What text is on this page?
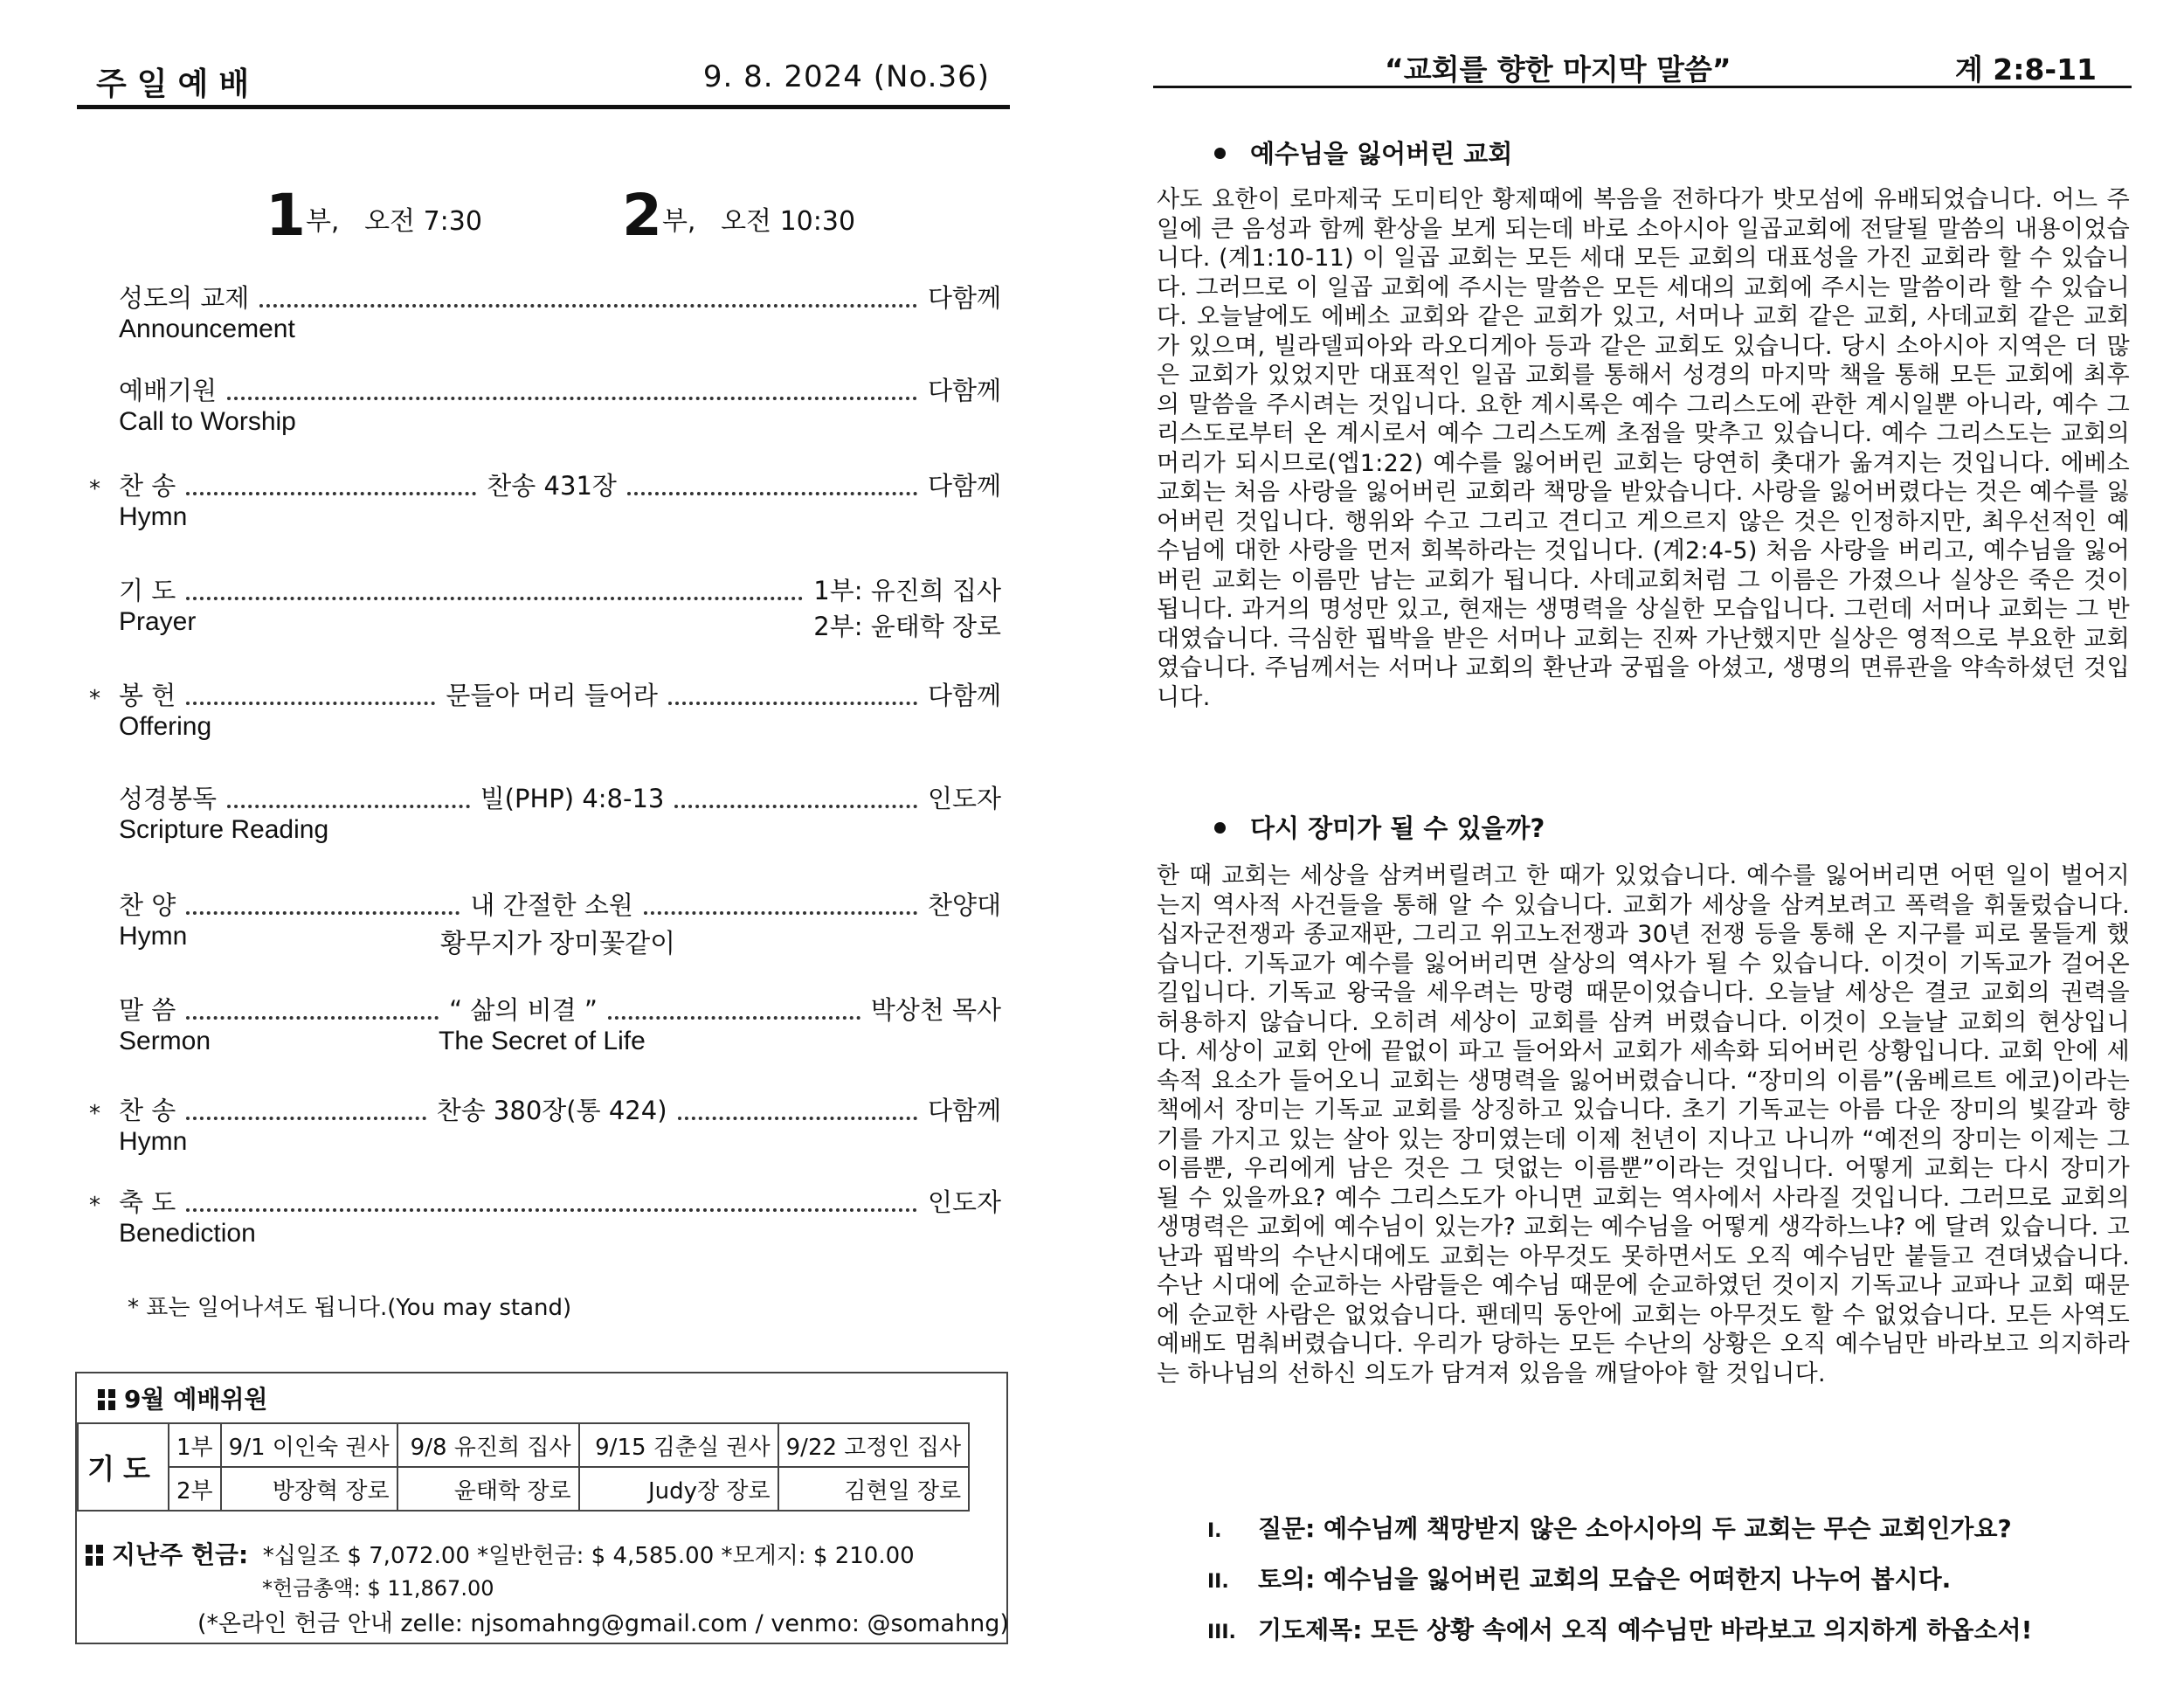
주일예배	9. 8. 2024 (No.36)
1부, 오전 7:30 2부, 오전 10:30
성도의 교제	다함께
Announcement
예배기원	다함께
Call to Worship
* 찬 송	찬송 431장	다함께
Hymn
기 도	1부: 유진희 집사
Prayer	2부: 윤태학 장로
* 봉 헌	문들아 머리 들어라	다함께
Offering
성경봉독	빌(PHP) 4:8-13	인도자
Scripture Reading
찬 양	내 간절한 소원	찬양대
Hymn	황무지가 장미꽃같이
말 씀	“ 삶의 비결 ”	박상천 목사
Sermon	The Secret of Life
* 찬 송	찬송 380장(통 424)	다함께
Hymn
* 축 도	인도자
Benediction
* 표는 일어나셔도 됩니다.(You may stand)
9월 예배위원
기도	1부	9/1 이인숙 권사	9/8 유진희 집사	9/15 김춘실 권사	9/22 고정인 집사
	2부	방장혁 장로	윤태학 장로	Judy장 장로	김현일 장로
지난주 헌금: *십일조 $ 7,072.00 *일반헌금: $ 4,585.00 *모게지: $ 210.00
*헌금총액: $ 11,867.00
(*온라인 헌금 안내 zelle: njsomahng@gmail.com / venmo: @somahng)
“교회를 향한 마지막 말씀”	계 2:8-11
예수님을 잃어버린 교회
사도 요한이 로마제국 도미티안 황제때에 복음을 전하다가 밧모섬에 유배되었습니다. 어느 주일에 큰 음성과 함께 환상을 보게 되는데 바로 소아시아 일곱교회에 전달될 말씀의 내용이었습니다. (계1:10-11) 이 일곱 교회는 모든 세대 모든 교회의 대표성을 가진 교회라 할 수 있습니다. 그러므로 이 일곱 교회에 주시는 말씀은 모든 세대의 교회에 주시는 말씀이라 할 수 있습니다. 오늘날에도 에베소 교회와 같은 교회가 있고, 서머나 교회 같은 교회, 사데교회 같은 교회가 있으며, 빌라델피아와 라오디게아 등과 같은 교회도 있습니다. 당시 소아시아 지역은 더 많은 교회가 있었지만 대표적인 일곱 교회를 통해서 성경의 마지막 책을 통해 모든 교회에 최후의 말씀을 주시려는 것입니다. 요한 계시록은 예수 그리스도에 관한 계시일뿐 아니라, 예수 그리스도로부터 온 계시로서 예수 그리스도께 초점을 맞추고 있습니다. 예수 그리스도는 교회의 머리가 되시므로(엡1:22) 예수를 잃어버린 교회는 당연히 촛대가 옮겨지는 것입니다. 에베소 교회는 처음 사랑을 잃어버린 교회라 책망을 받았습니다. 사랑을 잃어버렸다는 것은 예수를 잃어버린 것입니다. 행위와 수고 그리고 견디고 게으르지 않은 것은 인정하지만, 최우선적인 예수님에 대한 사랑을 먼저 회복하라는 것입니다. (계2:4-5) 처음 사랑을 버리고, 예수님을 잃어버린 교회는 이름만 남는 교회가 됩니다. 사데교회처럼 그 이름은 가졌으나 실상은 죽은 것이 됩니다. 과거의 명성만 있고, 현재는 생명력을 상실한 모습입니다. 그런데 서머나 교회는 그 반대였습니다. 극심한 핍박을 받은 서머나 교회는 진짜 가난했지만 실상은 영적으로 부요한 교회였습니다. 주님께서는 서머나 교회의 환난과 궁핍을 아셨고, 생명의 면류관을 약속하셨던 것입니다.
다시 장미가 될 수 있을까?
한 때 교회는 세상을 삼켜버릴려고 한 때가 있었습니다. 예수를 잃어버리면 어떤 일이 벌어지는지 역사적 사건들을 통해 알 수 있습니다. 교회가 세상을 삼켜보려고 폭력을 휘둘렀습니다. 십자군전쟁과 종교재판, 그리고 위고노전쟁과 30년 전쟁 등을 통해 온 지구를 피로 물들게 했습니다. 기독교가 예수를 잃어버리면 살상의 역사가 될 수 있습니다. 이것이 기독교가 걸어온 길입니다. 기독교 왕국을 세우려는 망령 때문이었습니다. 오늘날 세상은 결코 교회의 권력을 허용하지 않습니다. 오히려 세상이 교회를 삼켜 버렸습니다. 이것이 오늘날 교회의 현상입니다. 세상이 교회 안에 끝없이 파고 들어와서 교회가 세속화 되어버린 상황입니다. 교회 안에 세속적 요소가 들어오니 교회는 생명력을 잃어버렸습니다. “장미의 이름”(움베르트 에코)이라는 책에서 장미는 기독교 교회를 상징하고 있습니다. 초기 기독교는 아름 다운 장미의 빛갈과 향기를 가지고 있는 살아 있는 장미였는데 이제 천년이 지나고 나니까 “예전의 장미는 이제는 그 이름뿐, 우리에게 남은 것은 그 덧없는 이름뿐”이라는 것입니다. 어떻게 교회는 다시 장미가 될 수 있을까요? 예수 그리스도가 아니면 교회는 역사에서 사라질 것입니다. 그러므로 교회의 생명력은 교회에 예수님이 있는가? 교회는 예수님을 어떻게 생각하느냐? 에 달려 있습니다. 고난과 핍박의 수난시대에도 교회는 아무것도 못하면서도 오직 예수님만 붙들고 견뎌냈습니다. 수난 시대에 순교하는 사람들은 예수님 때문에 순교하였던 것이지 기독교나 교파나 교회 때문에 순교한 사람은 없었습니다. 팬데믹 동안에 교회는 아무것도 할 수 없었습니다. 모든 사역도 예배도 멈춰버렸습니다. 우리가 당하는 모든 수난의 상황은 오직 예수님만 바라보고 의지하라는 하나님의 선하신 의도가 담겨져 있음을 깨달아야 할 것입니다.
I. 질문: 예수님께 책망받지 않은 소아시아의 두 교회는 무슨 교회인가요?
II. 토의: 예수님을 잃어버린 교회의 모습은 어떠한지 나누어 봅시다.
III. 기도제목: 모든 상황 속에서 오직 예수님만 바라보고 의지하게 하옵소서!
